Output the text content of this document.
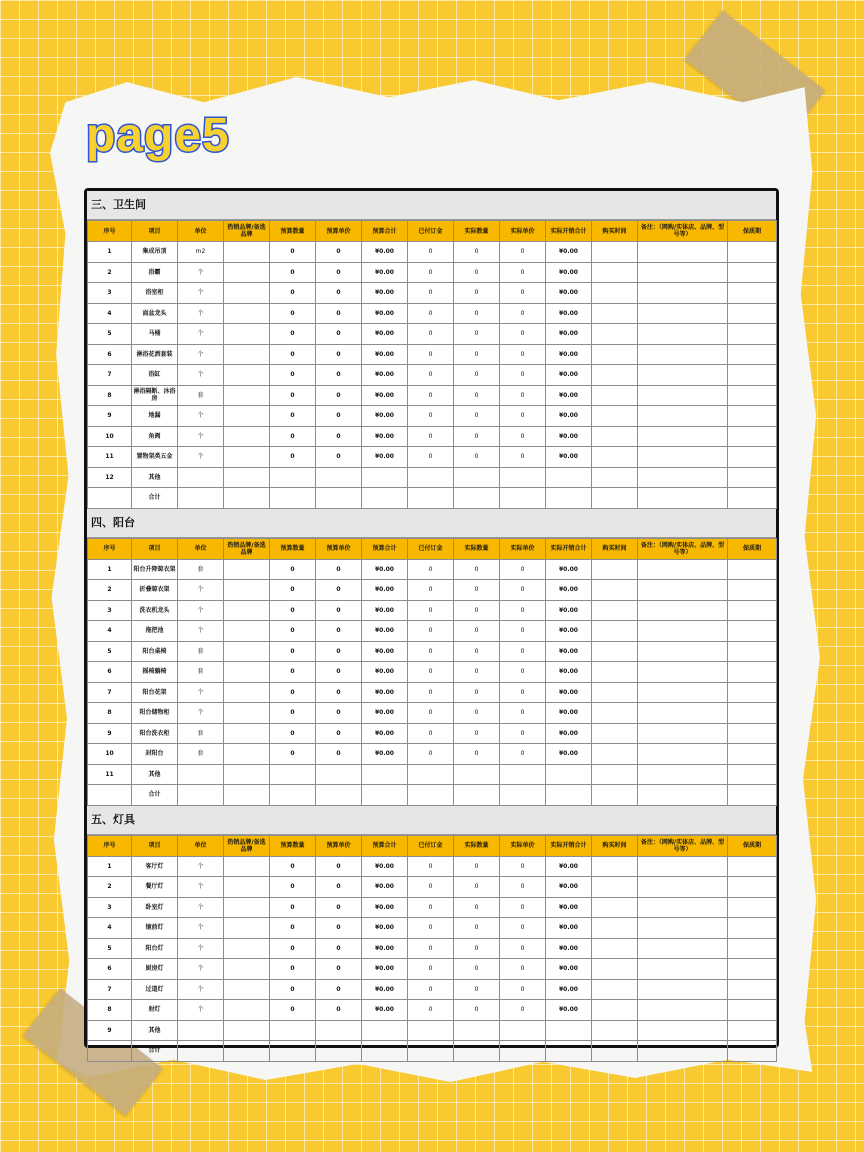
page5
三、卫生间
序号	项目	单位	热销品牌/备选品牌	预算数量	预算单价	预算合计	已付订金	实际数量	实际单价	实际开销合计	购买时间	备注：（网购/实体店、品牌、型号等）	保质期
1	集成吊顶	m2		0	0	¥0.00	0	0	0	¥0.00			
2	浴霸	个		0	0	¥0.00	0	0	0	¥0.00			
3	浴室柜	个		0	0	¥0.00	0	0	0	¥0.00			
4	面盆龙头	个		0	0	¥0.00	0	0	0	¥0.00			
5	马桶	个		0	0	¥0.00	0	0	0	¥0.00			
6	淋浴花洒套装	个		0	0	¥0.00	0	0	0	¥0.00			
7	浴缸	个		0	0	¥0.00	0	0	0	¥0.00			
8	淋浴隔断、沐浴房	套		0	0	¥0.00	0	0	0	¥0.00			
9	地漏	个		0	0	¥0.00	0	0	0	¥0.00			
10	角阀	个		0	0	¥0.00	0	0	0	¥0.00			
11	置物架类五金	个		0	0	¥0.00	0	0	0	¥0.00			
12	其他												
	合计												
四、阳台
序号	项目	单位	热销品牌/备选品牌	预算数量	预算单价	预算合计	已付订金	实际数量	实际单价	实际开销合计	购买时间	备注：（网购/实体店、品牌、型号等）	保质期
1	阳台升降晾衣架	套		0	0	¥0.00	0	0	0	¥0.00			
2	折叠晾衣架	个		0	0	¥0.00	0	0	0	¥0.00			
3	洗衣机龙头	个		0	0	¥0.00	0	0	0	¥0.00			
4	拖把池	个		0	0	¥0.00	0	0	0	¥0.00			
5	阳台桌椅	套		0	0	¥0.00	0	0	0	¥0.00			
6	摇椅躺椅	套		0	0	¥0.00	0	0	0	¥0.00			
7	阳台花架	个		0	0	¥0.00	0	0	0	¥0.00			
8	阳台储物柜	个		0	0	¥0.00	0	0	0	¥0.00			
9	阳台洗衣柜	套		0	0	¥0.00	0	0	0	¥0.00			
10	封阳台	套		0	0	¥0.00	0	0	0	¥0.00			
11	其他												
	合计												
五、灯具
序号	项目	单位	热销品牌/备选品牌	预算数量	预算单价	预算合计	已付订金	实际数量	实际单价	实际开销合计	购买时间	备注：（网购/实体店、品牌、型号等）	保质期
1	客厅灯	个		0	0	¥0.00	0	0	0	¥0.00			
2	餐厅灯	个		0	0	¥0.00	0	0	0	¥0.00			
3	卧室灯	个		0	0	¥0.00	0	0	0	¥0.00			
4	镜前灯	个		0	0	¥0.00	0	0	0	¥0.00			
5	阳台灯	个		0	0	¥0.00	0	0	0	¥0.00			
6	厨房灯	个		0	0	¥0.00	0	0	0	¥0.00			
7	过道灯	个		0	0	¥0.00	0	0	0	¥0.00			
8	射灯	个		0	0	¥0.00	0	0	0	¥0.00			
9	其他												
	合计												
